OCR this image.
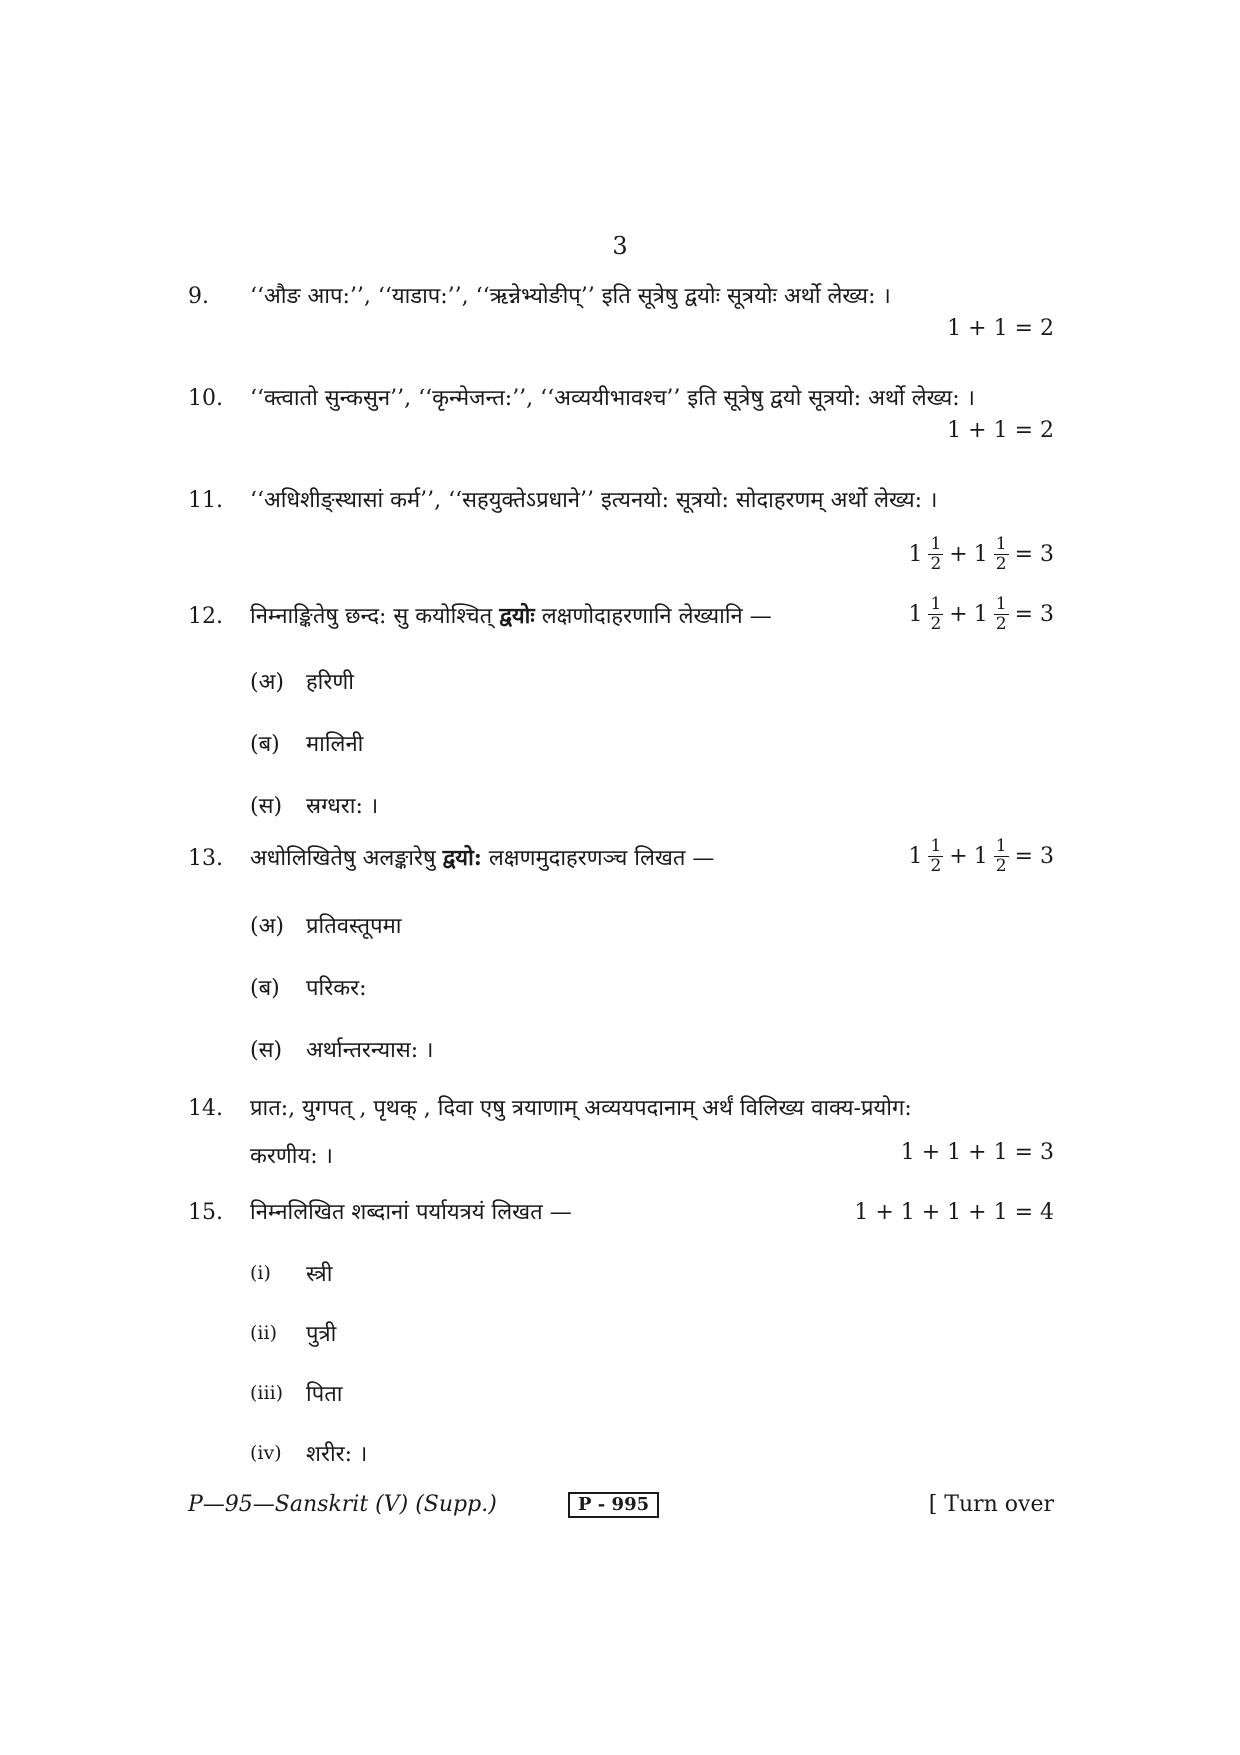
3
9. ‘‘औङ आप:’’, ‘‘याडाप:’’, ‘‘ऋन्नेभ्योङीप्’’ इति सूत्रेषु द्वयोः सूत्रयोः अर्थो लेख्य: ।
1 + 1 = 2
10. ‘‘क्त्वातो सुन्कसुन’’, ‘‘कृन्मेजन्त:’’, ‘‘अव्ययीभावश्च’’ इति सूत्रेषु द्वयो सूत्रयो: अर्थो लेख्य: ।
1 + 1 = 2
11. ‘‘अधिशीङ्स्थासां कर्म’’, ‘‘सहयुक्तेऽप्रधाने’’ इत्यनयो: सूत्रयो: सोदाहरणम् अर्थो लेख्य: ।
$1 \frac{1}{2} + 1 \frac{1}{2} = 3$
12. निम्नाङ्कितेषु छन्द: सु कयोश्चित् द्वयोः लक्षणोदाहरणानि लेख्यानि —	$1 \frac{1}{2} + 1 \frac{1}{2} = 3$
(अ) हरिणी
(ब) मालिनी
(स) स्रग्धरा: ।
13. अधोलिखितेषु अलङ्कारेषु द्वयो: लक्षणमुदाहरणञ्च लिखत —	$1 \frac{1}{2} + 1 \frac{1}{2} = 3$
(अ) प्रतिवस्तूपमा
(ब) परिकर:
(स) अर्थान्तरन्यास: ।
14. प्रात:, युगपत् , पृथक् , दिवा एषु त्रयाणाम् अव्ययपदानाम् अर्थं विलिख्य वाक्य-प्रयोग:
करणीय: ।	1 + 1 + 1 = 3
15. निम्नलिखित शब्दानां पर्यायत्रयं लिखत —	1 + 1 + 1 + 1 = 4
(i) स्त्री
(ii) पुत्री
(iii) पिता
(iv) शरीर: ।
P—95—Sanskrit (V) (Supp.)	P - 995	[ Turn over
